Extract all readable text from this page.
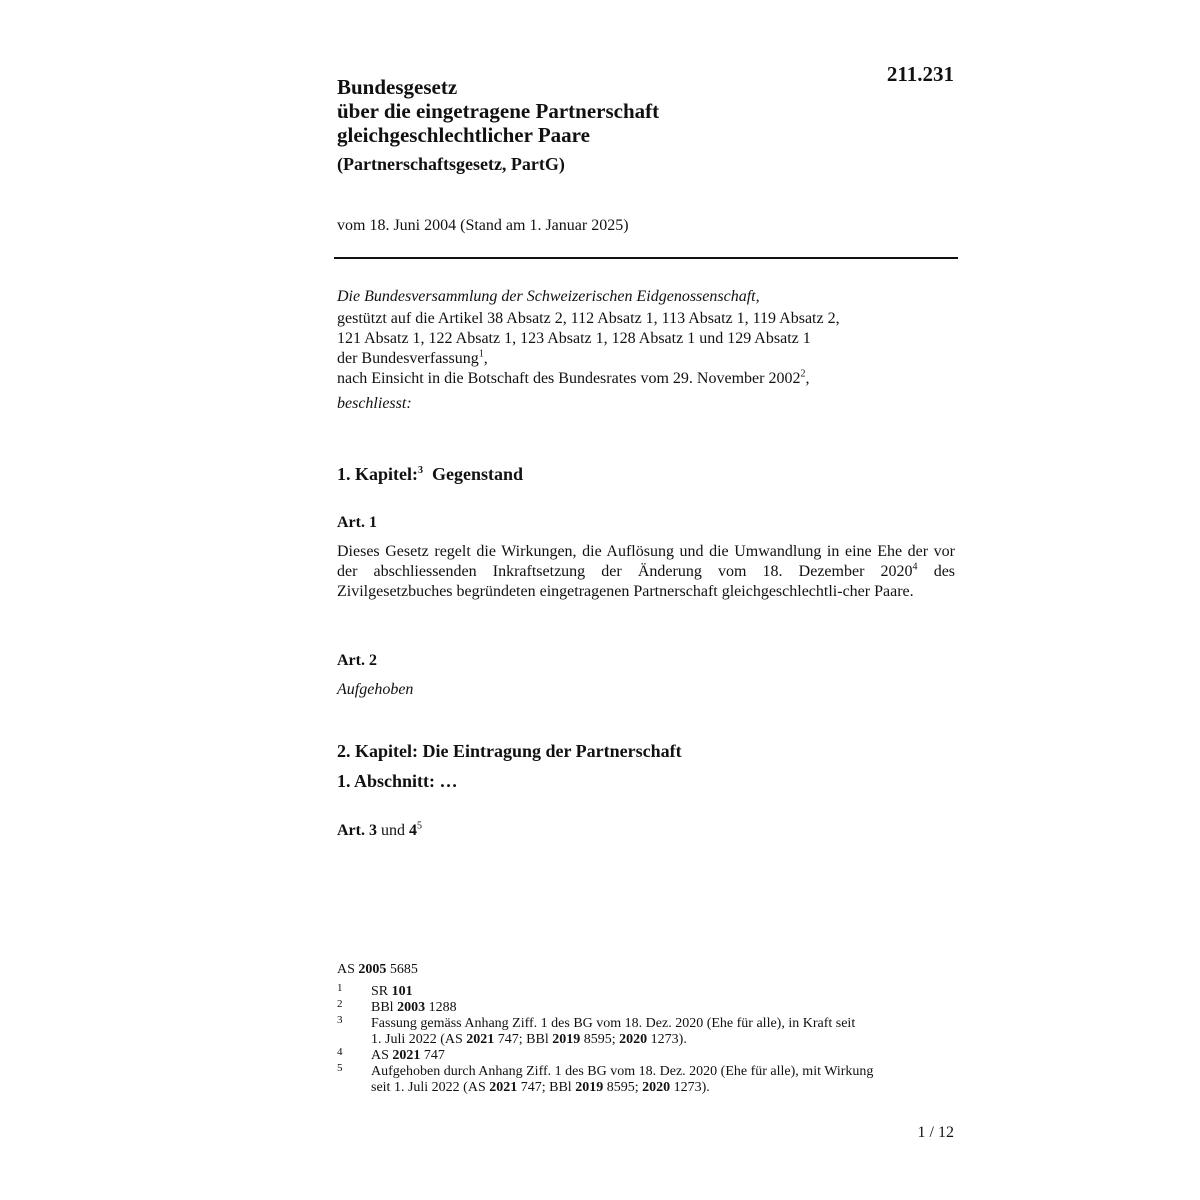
211.231
Bundesgesetz
über die eingetragene Partnerschaft
gleichgeschlechtlicher Paare
(Partnerschaftsgesetz, PartG)
vom 18. Juni 2004 (Stand am 1. Januar 2025)

Die Bundesversammlung der Schweizerischen Eidgenossenschaft,

gestützt auf die Artikel 38 Absatz 2, 112 Absatz 1, 113 Absatz 1, 119 Absatz 2,

121 Absatz 1, 122 Absatz 1, 123 Absatz 1, 128 Absatz 1 und 129 Absatz 1

der Bundesverfassung$^1$,

nach Einsicht in die Botschaft des Bundesrates vom 29. November 2002$^2$,

beschliesst:

1. Kapitel:$^3$ Gegenstand
Art. 1
Dieses Gesetz regelt die Wirkungen, die Auflösung und die Umwandlung in eine Ehe der vor der abschliessenden Inkraftsetzung der Änderung vom 18. Dezember 2020$^4$ des Zivilgesetzbuches begründeten eingetragenen Partnerschaft gleichgeschlechtli-cher Paare.
Art. 2
Aufgehoben
2. Kapitel: Die Eintragung der Partnerschaft
1. Abschnitt: …
Art. 3 und $4^5$
AS 2005 5685
1 SR 101
2 BBl 2003 1288
3 Fassung gemäss Anhang Ziff. 1 des BG vom 18. Dez. 2020 (Ehe für alle), in Kraft seit
1. Juli 2022 (AS 2021 747; BBl 2019 8595; 2020 1273).
4 AS 2021 747
5 Aufgehoben durch Anhang Ziff. 1 des BG vom 18. Dez. 2020 (Ehe für alle), mit Wirkung
seit 1. Juli 2022 (AS 2021 747; BBl 2019 8595; 2020 1273).
1 / 12
